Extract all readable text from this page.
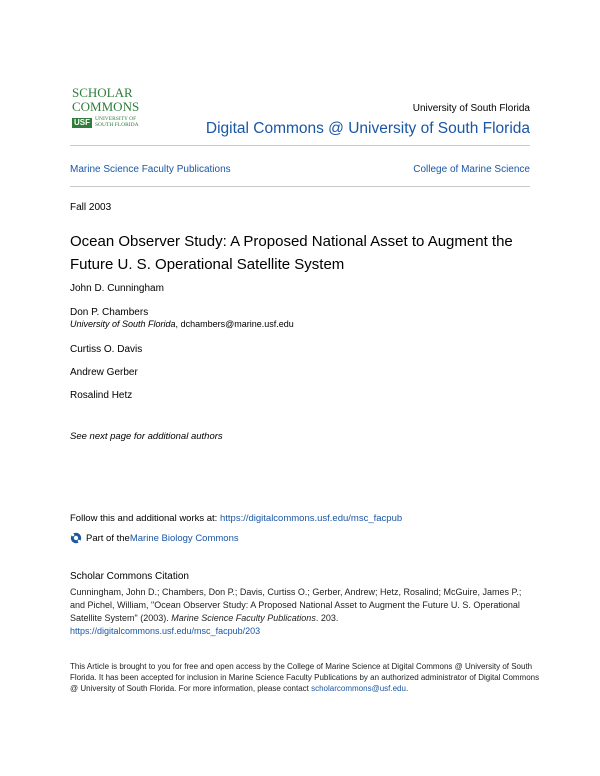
SCHOLAR
COMMONS
USF UNIVERSITY OF
SOUTH FLORIDA
University of South Florida
Digital Commons @ University of South Florida
Marine Science Faculty Publications	College of Marine Science
Fall 2003
Ocean Observer Study: A Proposed National Asset to Augment the Future U. S. Operational Satellite System
John D. Cunningham
Don P. Chambers
University of South Florida, dchambers@marine.usf.edu
Curtiss O. Davis
Andrew Gerber
Rosalind Hetz
See next page for additional authors
Follow this and additional works at: https://digitalcommons.usf.edu/msc_facpub
Part of the Marine Biology Commons
Scholar Commons Citation
Cunningham, John D.; Chambers, Don P.; Davis, Curtiss O.; Gerber, Andrew; Hetz, Rosalind; McGuire, James P.; and Pichel, William, "Ocean Observer Study: A Proposed National Asset to Augment the Future U. S. Operational Satellite System" (2003). Marine Science Faculty Publications. 203.
https://digitalcommons.usf.edu/msc_facpub/203
This Article is brought to you for free and open access by the College of Marine Science at Digital Commons @ University of South Florida. It has been accepted for inclusion in Marine Science Faculty Publications by an authorized administrator of Digital Commons @ University of South Florida. For more information, please contact scholarcommons@usf.edu.
